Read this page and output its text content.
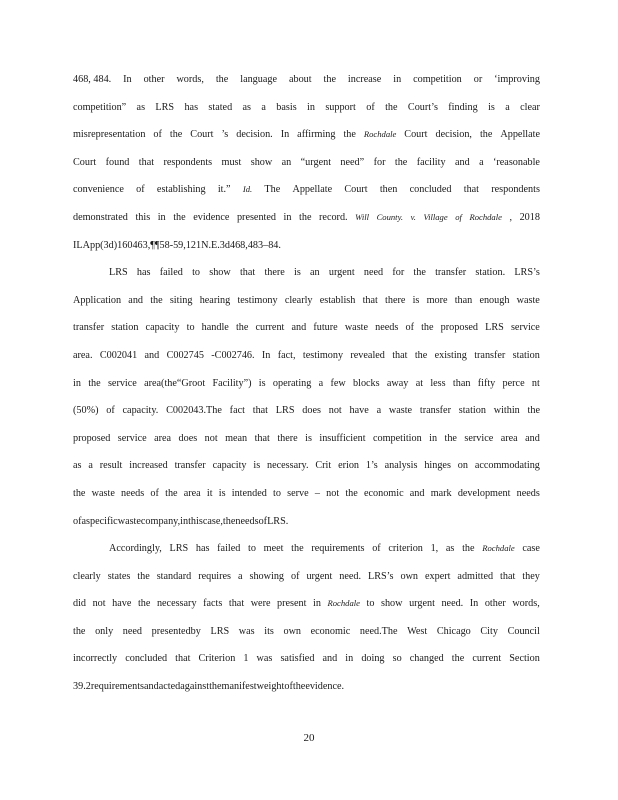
468, 484. In other words, the language about the increase in competition or ‘improving
competition” as LRS has stated as a basis in support of the Court’s finding is a clear
misrepresentation of the Court ’s decision. In affirming the Rochdale Court decision, the Appellate
Court found that respondents must show an “urgent need” for the facility and a ‘reasonable
convenience of establishing it.” Id. The Appellate Court then concluded that respondents
demonstrated this in the evidence presented in the record. Will County. v. Village of Rochdale , 2018
IL App(3d) 160463, ¶¶ 58-59, 121 N.E.3d 468, 483–84.
LRS has failed to show that there is an urgent need for the transfer station. LRS’s
Application and the siting hearing testimony clearly establish that there is more than enough waste
transfer station capacity to handle the current and future waste needs of the proposed LRS service
area. C002041 and C002745 -C002746. In fact, testimony revealed that the existing transfer station
in the service area(the“Groot Facility”) is operating a few blocks away at less than fifty perce nt
(50%) of capacity. C002043.The fact that LRS does not have a waste transfer station within the
proposed service area does not mean that there is insufficient competition in the service area and
as a result increased transfer capacity is necessary. Crit erion 1’s analysis hinges on accommodating
the waste needs of the area it is intended to serve – not the economic and mark development needs
of a specific wastecompany, in this case, the needs of LRS.
Accordingly, LRS has failed to meet the requirements of criterion 1, as the Rochdale case
clearly states the standard requires a showing of urgent need. LRS’s own expert admitted that they
did not have the necessary facts that were present in Rochdale to show urgent need. In other words,
the only need presentedby LRS was its own economic need.The West Chicago City Council
incorrectly concluded that Criterion 1 was satisfied and in doing so changed the current Section
39.2 requirements andacted against the manifest weight of the evidenc e.
20
